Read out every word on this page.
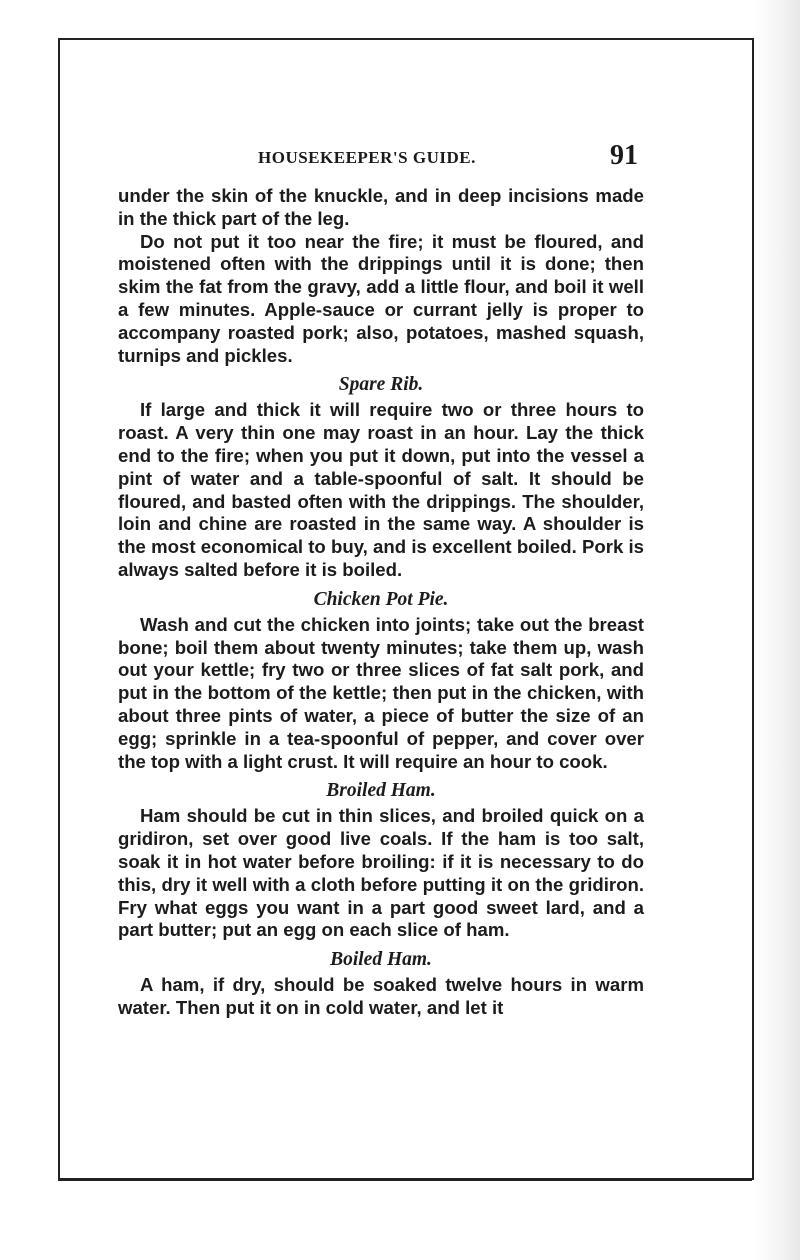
HOUSEKEEPER'S GUIDE.	91

under the skin of the knuckle, and in deep incisions made in the thick part of the leg.

Do not put it too near the fire; it must be floured, and moistened often with the drippings until it is done; then skim the fat from the gravy, add a little flour, and boil it well a few minutes. Apple-sauce or currant jelly is proper to accompany roasted pork; also, potatoes, mashed squash, turnips and pickles.

Spare Rib.

If large and thick it will require two or three hours to roast. A very thin one may roast in an hour. Lay the thick end to the fire; when you put it down, put into the vessel a pint of water and a table-spoonful of salt. It should be floured, and basted often with the drippings. The shoulder, loin and chine are roasted in the same way. A shoulder is the most economical to buy, and is excellent boiled. Pork is always salted before it is boiled.

Chicken Pot Pie.

Wash and cut the chicken into joints; take out the breast bone; boil them about twenty minutes; take them up, wash out your kettle; fry two or three slices of fat salt pork, and put in the bottom of the kettle; then put in the chicken, with about three pints of water, a piece of butter the size of an egg; sprinkle in a tea-spoonful of pepper, and cover over the top with a light crust. It will require an hour to cook.

Broiled Ham.

Ham should be cut in thin slices, and broiled quick on a gridiron, set over good live coals. If the ham is too salt, soak it in hot water before broiling: if it is necessary to do this, dry it well with a cloth before putting it on the gridiron. Fry what eggs you want in a part good sweet lard, and a part butter; put an egg on each slice of ham.

Boiled Ham.

A ham, if dry, should be soaked twelve hours in warm water. Then put it on in cold water, and let it
